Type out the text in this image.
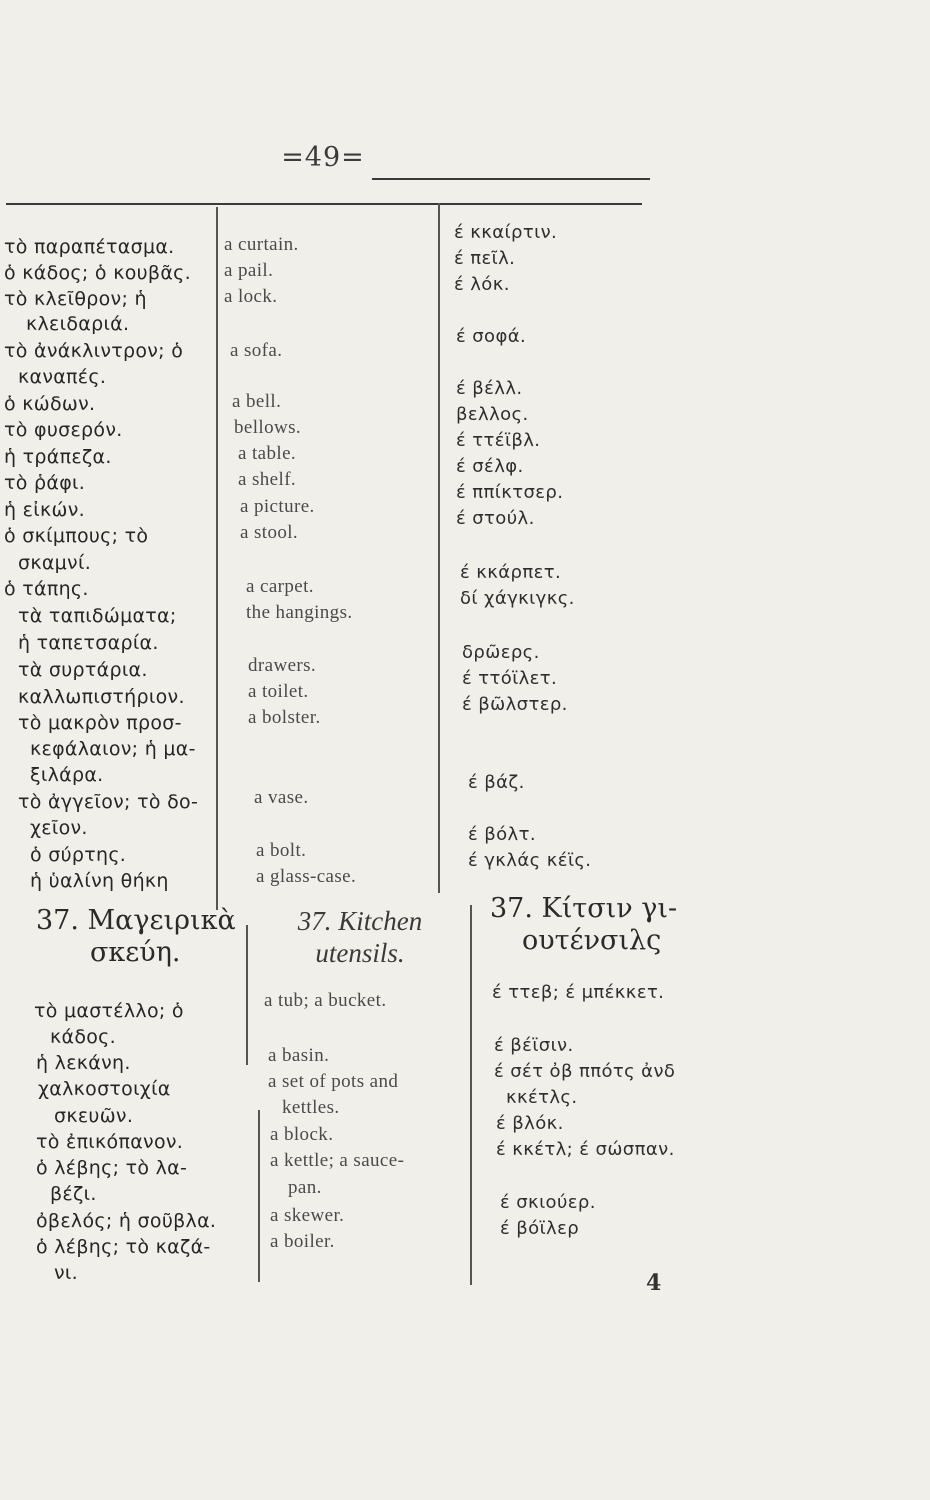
=49=
τὸ παραπέτασμα.
ὁ κάδος; ὁ κουβᾶς.
τὸ κλεῖθρον; ἡ
κλειδαριά.
τὸ ἀνάκλιντρον; ὁ
καναπές.
ὁ κώδων.
τὸ φυσερόν.
ἡ τράπεζα.
τὸ ῥάφι.
ἡ εἰκών.
ὁ σκίμπους; τὸ
σκαμνί.
ὁ τάπης.
τὰ ταπιδώματα;
ἡ ταπετσαρία.
τὰ συρτάρια.
καλλωπιστήριον.
τὸ μακρὸν προσ-
κεφάλαιον; ἡ μα-
ξιλάρα.
τὸ ἀγγεῖον; τὸ δο-
χεῖον.
ὁ σύρτης.
ἡ ὑαλίνη θήκη
a curtain.
a pail.
a lock.
a sofa.
a bell.
bellows.
a table.
a shelf.
a picture.
a stool.
a carpet.
the hangings.
drawers.
a toilet.
a bolster.
a vase.
a bolt.
a glass-case.
έ κκαίρτιν.
έ πεῖλ.
έ λόκ.
έ σοφά.
έ βέλλ.
βελλος.
έ ττέϊβλ.
έ σέλφ.
έ ππίκτσερ.
έ στούλ.
έ κκάρπετ.
δί χάγκιγκς.
δρῶερς.
έ ττόϊλετ.
έ βῶλστερ.
έ βάζ.
έ βόλτ.
έ γκλάς κέϊς.
37. Μαγειρικὰ
σκεύη.
37. Kitchen
utensils.
37. Κίτσιν γι-
ουτένσιλς
τὸ μαστέλλο; ὁ
κάδος.
ἡ λεκάνη.
χαλκοστοιχία
σκευῶν.
τὸ ἐπικόπανον.
ὁ λέβης; τὸ λα-
βέζι.
ὀβελός; ἡ σοῦβλα.
ὁ λέβης; τὸ καζά-
νι.
a tub; a bucket.
a basin.
a set of pots and
kettles.
a block.
a kettle; a sauce-
pan.
a skewer.
a boiler.
έ ττεβ; έ μπέκκετ.
έ βέϊσιν.
έ σέτ ὀβ ππότς ἀνδ
κκέτλς.
έ βλόκ.
έ κκέτλ; έ σώσπαν.
έ σκιούερ.
έ βόϊλερ
4
